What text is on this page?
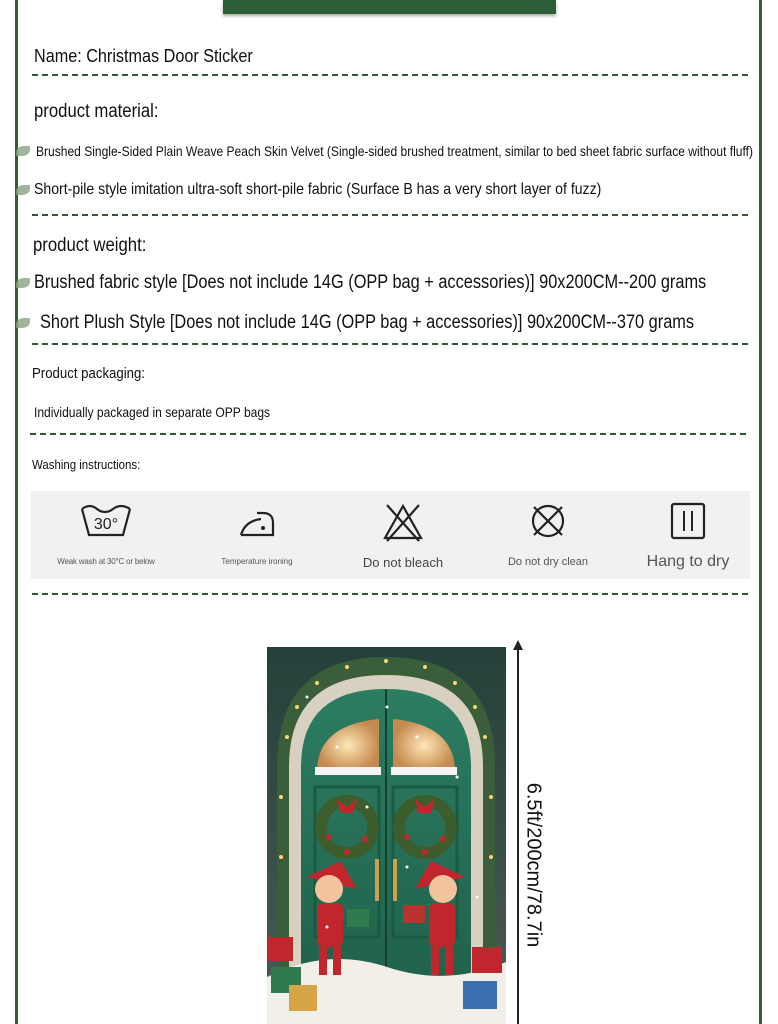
Name: Christmas Door Sticker
product material:
Brushed Single-Sided Plain Weave Peach Skin Velvet (Single-sided brushed treatment, similar to bed sheet fabric surface without fluff)
Short-pile style imitation ultra-soft short-pile fabric (Surface B has a very short layer of fuzz)
product weight:
Brushed fabric style [Does not include 14G (OPP bag + accessories)] 90x200CM--200 grams
Short Plush Style [Does not include 14G (OPP bag + accessories)] 90x200CM--370 grams
Product packaging:
Individually packaged in separate OPP bags
Washing instructions:
30°
Weak wash at 30°C or below	Temperature ironing	Do not bleach	Do not dry clean	Hang to dry
6.5ft/200cm/78.7in
